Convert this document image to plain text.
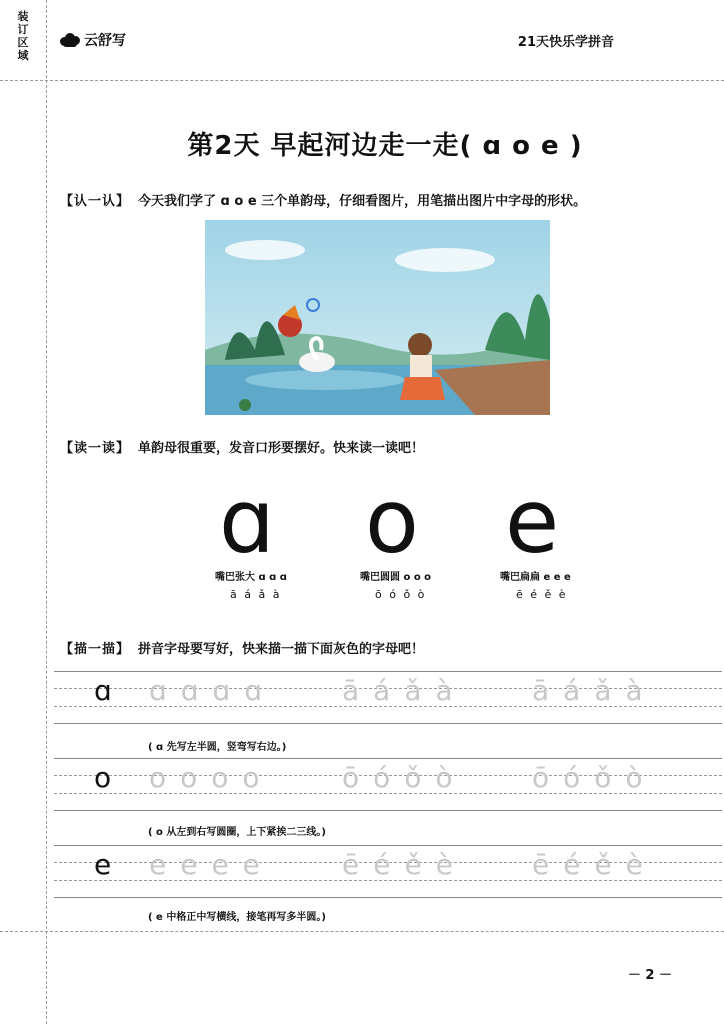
装订区域
云舒写	21天快乐学拼音
第2天 早起河边走一走( ɑ o e )
【认一认】 今天我们学了 ɑ o e 三个单韵母，仔细看图片，用笔描出图片中字母的形状。
【读一读】 单韵母很重要，发音口形要摆好。快来读一读吧！
ɑ o e
嘴巴张大 ɑ ɑ ɑ	嘴巴圆圆 o o o	嘴巴扁扁 e e e
ā á ǎ à	ō ó ǒ ò	ē é ě è
【描一描】 拼音字母要写好，快来描一描下面灰色的字母吧！
ɑ ɑɑɑɑ āáǎà āáǎà
( ɑ 先写左半圆，竖弯写右边。)
o oooo ōóǒò ōóǒò
( o 从左到右写圆圈，上下紧挨二三线。)
e eeee ēéěè ēéěè
( e 中格正中写横线，接笔再写多半圆。)
－ 2 －
